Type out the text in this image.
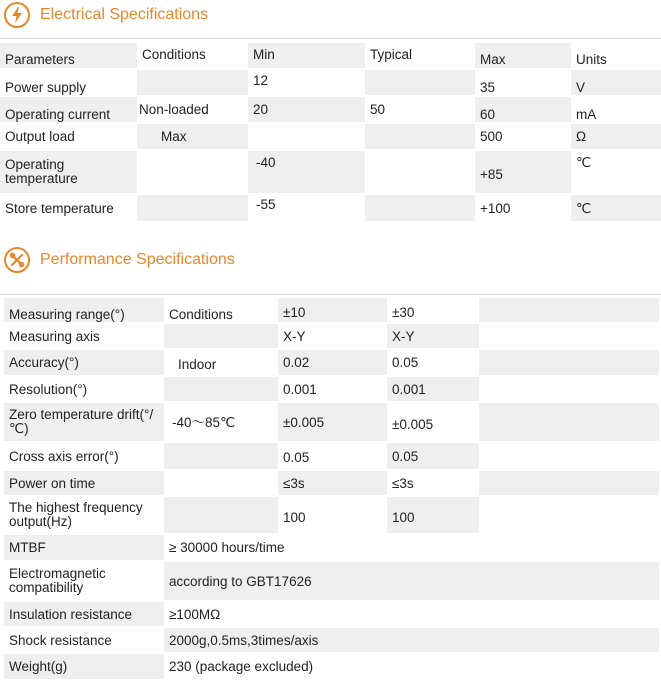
Electrical Specifications
Parameters	Conditions	Min	Typical	Max	Units
Power supply		12		35	V
Operating current	Non-loaded	20	50	60	mA
Output load	Max			500	Ω
Operating temperature		-40		+85	℃
Store temperature		-55		+100	℃
Performance Specifications
Measuring range(°)	Conditions	±10	±30	
Measuring axis		X-Y	X-Y	
Accuracy(°)	Indoor	0.02	0.05	
Resolution(°)		0.001	0.001	
Zero temperature drift(°/℃)	-40～85℃	±0.005	±0.005	
Cross axis error(°)		0.05	0.05	
Power on time		≤3s	≤3s	
The highest frequency output(Hz)		100	100	
MTBF	≥ 30000 hours/time			
Electromagnetic compatibility	according to GBT17626			
Insulation resistance	≥100MΩ			
Shock resistance	2000g,0.5ms,3times/axis			
Weight(g)	230 (package excluded)			
